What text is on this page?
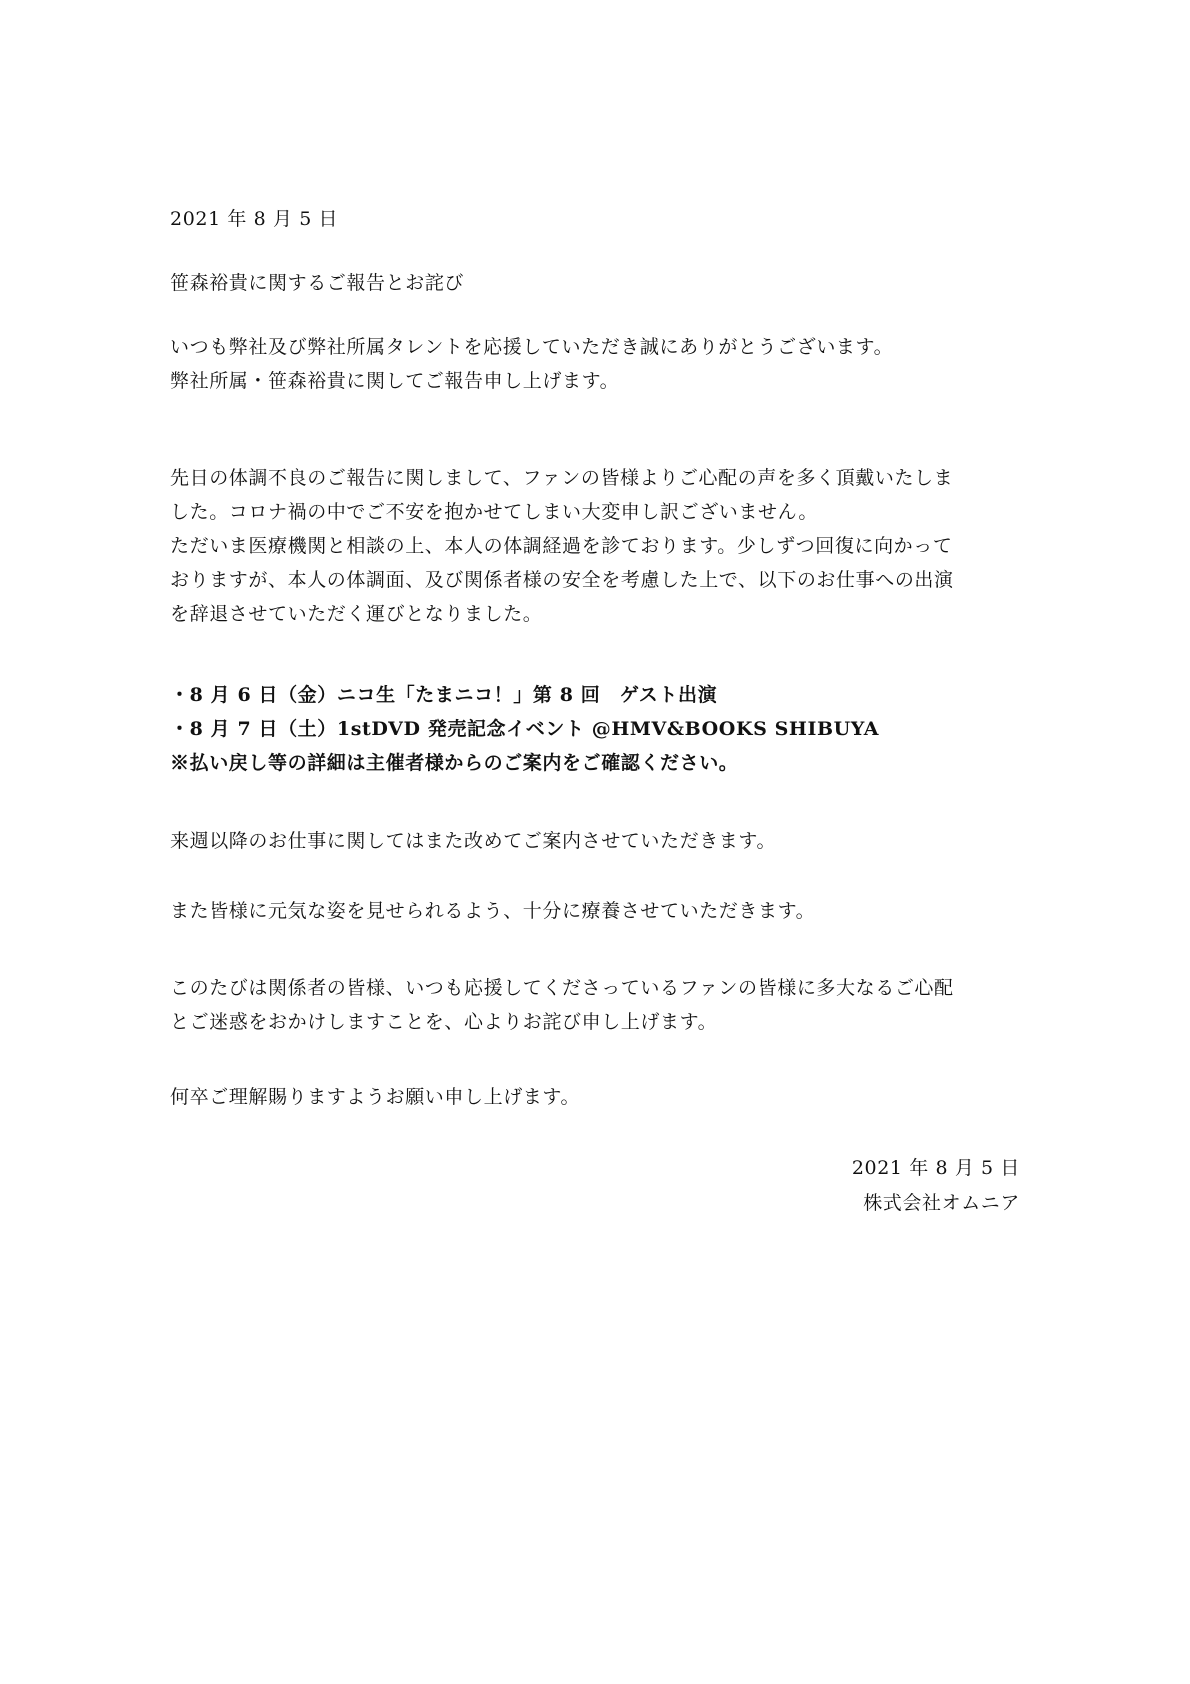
2021 年 8 月 5 日
笹森裕貴に関するご報告とお詫び
いつも弊社及び弊社所属タレントを応援していただき誠にありがとうございます。
弊社所属・笹森裕貴に関してご報告申し上げます。
先日の体調不良のご報告に関しまして、ファンの皆様よりご心配の声を多く頂戴いたしま
した。コロナ禍の中でご不安を抱かせてしまい大変申し訳ございません。
ただいま医療機関と相談の上、本人の体調経過を診ております。少しずつ回復に向かって
おりますが、本人の体調面、及び関係者様の安全を考慮した上で、以下のお仕事への出演
を辞退させていただく運びとなりました。
・8 月 6 日（金）ニコ生「たまニコ！」第 8 回　ゲスト出演
・8 月 7 日（土）1stDVD 発売記念イベント @HMV&BOOKS SHIBUYA
※払い戻し等の詳細は主催者様からのご案内をご確認ください。
来週以降のお仕事に関してはまた改めてご案内させていただきます。
また皆様に元気な姿を見せられるよう、十分に療養させていただきます。
このたびは関係者の皆様、いつも応援してくださっているファンの皆様に多大なるご心配
とご迷惑をおかけしますことを、心よりお詫び申し上げます。
何卒ご理解賜りますようお願い申し上げます。
2021 年 8 月 5 日
株式会社オムニア
